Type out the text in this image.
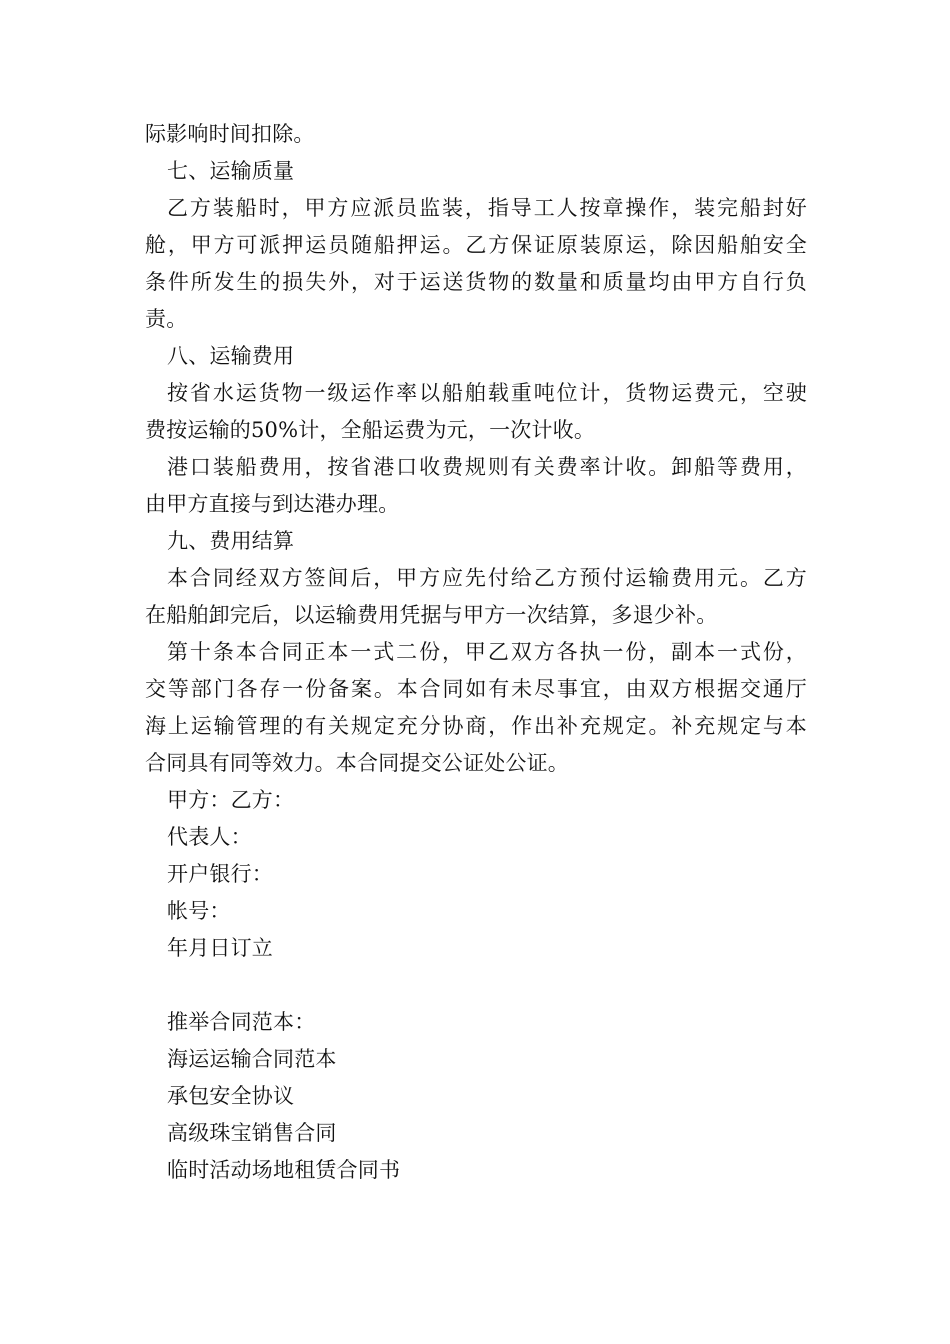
际影响时间扣除。
七、运输质量
乙方装船时，甲方应派员监装，指导工人按章操作，装完船封好
舱，甲方可派押运员随船押运。乙方保证原装原运，除因船舶安全
条件所发生的损失外，对于运送货物的数量和质量均由甲方自行负
责。
八、运输费用
按省水运货物一级运作率以船舶载重吨位计，货物运费元，空驶
费按运输的50%计，全船运费为元，一次计收。
港口装船费用，按省港口收费规则有关费率计收。卸船等费用，
由甲方直接与到达港办理。
九、费用结算
本合同经双方签间后，甲方应先付给乙方预付运输费用元。乙方
在船舶卸完后，以运输费用凭据与甲方一次结算，多退少补。
第十条本合同正本一式二份，甲乙双方各执一份，副本一式份，
交等部门各存一份备案。本合同如有未尽事宜，由双方根据交通厅
海上运输管理的有关规定充分协商，作出补充规定。补充规定与本
合同具有同等效力。本合同提交公证处公证。
甲方：乙方：
代表人：
开户银行：
帐号：
年月日订立
推举合同范本：
海运运输合同范本
承包安全协议
高级珠宝销售合同
临时活动场地租赁合同书
